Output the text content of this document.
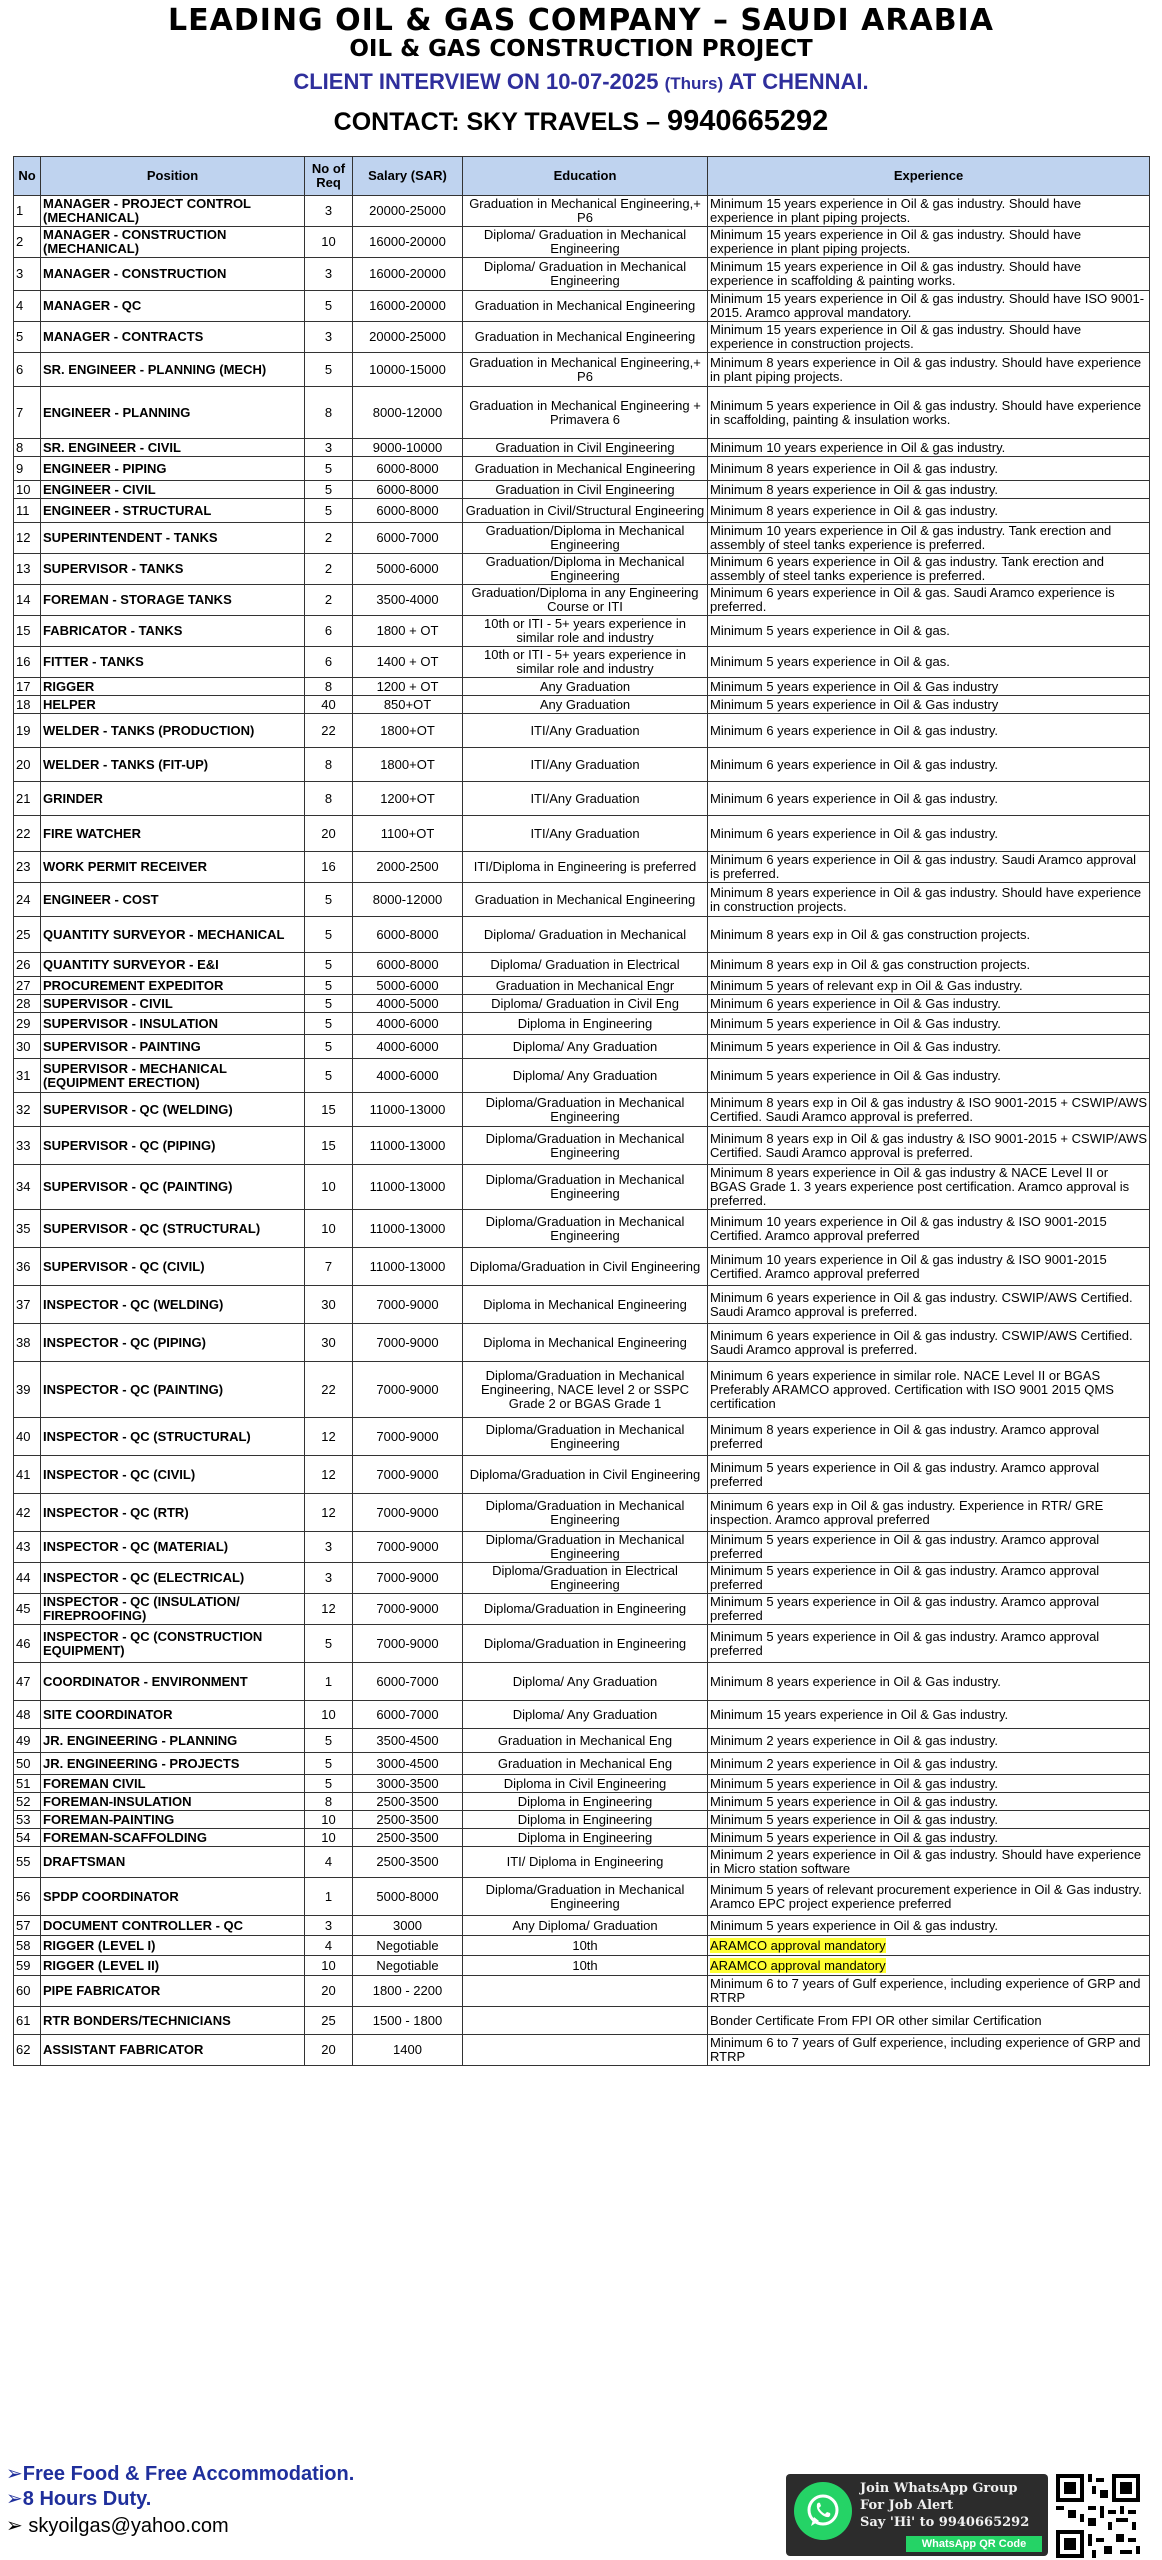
LEADING OIL & GAS COMPANY – SAUDI ARABIA
OIL & GAS CONSTRUCTION PROJECT
CLIENT INTERVIEW ON 10-07-2025 (Thurs) AT CHENNAI.
CONTACT: SKY TRAVELS – 9940665292
No	Position	No of Req	Salary (SAR)	Education	Experience
1	MANAGER - PROJECT CONTROL (MECHANICAL)	3	20000-25000	Graduation in Mechanical Engineering,+ P6	Minimum 15 years experience in Oil & gas industry. Should have experience in plant piping projects.
2	MANAGER - CONSTRUCTION (MECHANICAL)	10	16000-20000	Diploma/ Graduation in Mechanical Engineering	Minimum 15 years experience in Oil & gas industry. Should have experience in plant piping projects.
3	MANAGER - CONSTRUCTION	3	16000-20000	Diploma/ Graduation in Mechanical Engineering	Minimum 15 years experience in Oil & gas industry. Should have experience in scaffolding & painting works.
4	MANAGER - QC	5	16000-20000	Graduation in Mechanical Engineering	Minimum 15 years experience in Oil & gas industry. Should have ISO 9001-2015. Aramco approval mandatory.
5	MANAGER - CONTRACTS	3	20000-25000	Graduation in Mechanical Engineering	Minimum 15 years experience in Oil & gas industry. Should have experience in construction projects.
6	SR. ENGINEER - PLANNING (MECH)	5	10000-15000	Graduation in Mechanical Engineering,+ P6	Minimum 8 years experience in Oil & gas industry. Should have experience in plant piping projects.
7	ENGINEER - PLANNING	8	8000-12000	Graduation in Mechanical Engineering + Primavera 6	Minimum 5 years experience in Oil & gas industry. Should have experience in scaffolding, painting & insulation works.
8	SR. ENGINEER - CIVIL	3	9000-10000	Graduation in Civil Engineering	Minimum 10 years experience in Oil & gas industry.
9	ENGINEER - PIPING	5	6000-8000	Graduation in Mechanical Engineering	Minimum 8 years experience in Oil & gas industry.
10	ENGINEER - CIVIL	5	6000-8000	Graduation in Civil Engineering	Minimum 8 years experience in Oil & gas industry.
11	ENGINEER - STRUCTURAL	5	6000-8000	Graduation in Civil/Structural Engineering	Minimum 8 years experience in Oil & gas industry.
12	SUPERINTENDENT - TANKS	2	6000-7000	Graduation/Diploma in Mechanical Engineering	Minimum 10 years experience in Oil & gas industry. Tank erection and assembly of steel tanks experience is preferred.
13	SUPERVISOR - TANKS	2	5000-6000	Graduation/Diploma in Mechanical Engineering	Minimum 6 years experience in Oil & gas industry. Tank erection and assembly of steel tanks experience is preferred.
14	FOREMAN - STORAGE TANKS	2	3500-4000	Graduation/Diploma in any Engineering Course or ITI	Minimum 6 years experience in Oil & gas. Saudi Aramco experience is preferred.
15	FABRICATOR - TANKS	6	1800 + OT	10th or ITI - 5+ years experience in similar role and industry	Minimum 5 years experience in Oil & gas.
16	FITTER - TANKS	6	1400 + OT	10th or ITI - 5+ years experience in similar role and industry	Minimum 5 years experience in Oil & gas.
17	RIGGER	8	1200 + OT	Any Graduation	Minimum 5 years experience in Oil & Gas industry
18	HELPER	40	850+OT	Any Graduation	Minimum 5 years experience in Oil & Gas industry
19	WELDER - TANKS (PRODUCTION)	22	1800+OT	ITI/Any Graduation	Minimum 6 years experience in Oil & gas industry.
20	WELDER - TANKS (FIT-UP)	8	1800+OT	ITI/Any Graduation	Minimum 6 years experience in Oil & gas industry.
21	GRINDER	8	1200+OT	ITI/Any Graduation	Minimum 6 years experience in Oil & gas industry.
22	FIRE WATCHER	20	1100+OT	ITI/Any Graduation	Minimum 6 years experience in Oil & gas industry.
23	WORK PERMIT RECEIVER	16	2000-2500	ITI/Diploma in Engineering is preferred	Minimum 6 years experience in Oil & gas industry. Saudi Aramco approval is preferred.
24	ENGINEER - COST	5	8000-12000	Graduation in Mechanical Engineering	Minimum 8 years experience in Oil & gas industry. Should have experience in construction projects.
25	QUANTITY SURVEYOR - MECHANICAL	5	6000-8000	Diploma/ Graduation in Mechanical	Minimum 8 years exp in Oil & gas construction projects.
26	QUANTITY SURVEYOR - E&I	5	6000-8000	Diploma/ Graduation in Electrical	Minimum 8 years exp in Oil & gas construction projects.
27	PROCUREMENT EXPEDITOR	5	5000-6000	Graduation in Mechanical Engr	Minimum 5 years of relevant exp in Oil & Gas industry.
28	SUPERVISOR - CIVIL	5	4000-5000	Diploma/ Graduation in Civil Eng	Minimum 6 years experience in Oil & Gas industry.
29	SUPERVISOR - INSULATION	5	4000-6000	Diploma in Engineering	Minimum 5 years experience in Oil & Gas industry.
30	SUPERVISOR - PAINTING	5	4000-6000	Diploma/ Any Graduation	Minimum 5 years experience in Oil & Gas industry.
31	SUPERVISOR - MECHANICAL (EQUIPMENT ERECTION)	5	4000-6000	Diploma/ Any Graduation	Minimum 5 years experience in Oil & Gas industry.
32	SUPERVISOR - QC (WELDING)	15	11000-13000	Diploma/Graduation in Mechanical Engineering	Minimum 8 years exp in Oil & gas industry & ISO 9001-2015 + CSWIP/AWS Certified. Saudi Aramco approval is preferred.
33	SUPERVISOR - QC (PIPING)	15	11000-13000	Diploma/Graduation in Mechanical Engineering	Minimum 8 years exp in Oil & gas industry & ISO 9001-2015 + CSWIP/AWS Certified. Saudi Aramco approval is preferred.
34	SUPERVISOR - QC (PAINTING)	10	11000-13000	Diploma/Graduation in Mechanical Engineering	Minimum 8 years experience in Oil & gas industry & NACE Level II or BGAS Grade 1. 3 years experience post certification. Aramco approval is preferred.
35	SUPERVISOR - QC (STRUCTURAL)	10	11000-13000	Diploma/Graduation in Mechanical Engineering	Minimum 10 years experience in Oil & gas industry & ISO 9001-2015 Certified. Aramco approval preferred
36	SUPERVISOR - QC (CIVIL)	7	11000-13000	Diploma/Graduation in Civil Engineering	Minimum 10 years experience in Oil & gas industry & ISO 9001-2015 Certified. Aramco approval preferred
37	INSPECTOR - QC (WELDING)	30	7000-9000	Diploma in Mechanical Engineering	Minimum 6 years experience in Oil & gas industry. CSWIP/AWS Certified. Saudi Aramco approval is preferred.
38	INSPECTOR - QC (PIPING)	30	7000-9000	Diploma in Mechanical Engineering	Minimum 6 years experience in Oil & gas industry. CSWIP/AWS Certified. Saudi Aramco approval is preferred.
39	INSPECTOR - QC (PAINTING)	22	7000-9000	Diploma/Graduation in Mechanical Engineering, NACE level 2 or SSPC Grade 2 or BGAS Grade 1	Minimum 6 years experience in similar role. NACE Level II or BGAS Preferably ARAMCO approved. Certification with ISO 9001 2015 QMS certification
40	INSPECTOR - QC (STRUCTURAL)	12	7000-9000	Diploma/Graduation in Mechanical Engineering	Minimum 8 years experience in Oil & gas industry. Aramco approval preferred
41	INSPECTOR - QC (CIVIL)	12	7000-9000	Diploma/Graduation in Civil Engineering	Minimum 5 years experience in Oil & gas industry. Aramco approval preferred
42	INSPECTOR - QC (RTR)	12	7000-9000	Diploma/Graduation in Mechanical Engineering	Minimum 6 years exp in Oil & gas industry. Experience in RTR/ GRE inspection. Aramco approval preferred
43	INSPECTOR - QC (MATERIAL)	3	7000-9000	Diploma/Graduation in Mechanical Engineering	Minimum 5 years experience in Oil & gas industry. Aramco approval preferred
44	INSPECTOR - QC (ELECTRICAL)	3	7000-9000	Diploma/Graduation in Electrical Engineering	Minimum 5 years experience in Oil & gas industry. Aramco approval preferred
45	INSPECTOR - QC (INSULATION/ FIREPROOFING)	12	7000-9000	Diploma/Graduation in Engineering	Minimum 5 years experience in Oil & gas industry. Aramco approval preferred
46	INSPECTOR - QC (CONSTRUCTION EQUIPMENT)	5	7000-9000	Diploma/Graduation in Engineering	Minimum 5 years experience in Oil & gas industry. Aramco approval preferred
47	COORDINATOR - ENVIRONMENT	1	6000-7000	Diploma/ Any Graduation	Minimum 8 years experience in Oil & Gas industry.
48	SITE COORDINATOR	10	6000-7000	Diploma/ Any Graduation	Minimum 15 years experience in Oil & Gas industry.
49	JR. ENGINEERING - PLANNING	5	3500-4500	Graduation in Mechanical Eng	Minimum 2 years experience in Oil & gas industry.
50	JR. ENGINEERING - PROJECTS	5	3000-4500	Graduation in Mechanical Eng	Minimum 2 years experience in Oil & gas industry.
51	FOREMAN CIVIL	5	3000-3500	Diploma in Civil Engineering	Minimum 5 years experience in Oil & gas industry.
52	FOREMAN-INSULATION	8	2500-3500	Diploma in Engineering	Minimum 5 years experience in Oil & gas industry.
53	FOREMAN-PAINTING	10	2500-3500	Diploma in Engineering	Minimum 5 years experience in Oil & gas industry.
54	FOREMAN-SCAFFOLDING	10	2500-3500	Diploma in Engineering	Minimum 5 years experience in Oil & gas industry.
55	DRAFTSMAN	4	2500-3500	ITI/ Diploma in Engineering	Minimum 2 years experience in Oil & gas industry. Should have experience in Micro station software
56	SPDP COORDINATOR	1	5000-8000	Diploma/Graduation in Mechanical Engineering	Minimum 5 years of relevant procurement experience in Oil & Gas industry. Aramco EPC project experience preferred
57	DOCUMENT CONTROLLER - QC	3	3000	Any Diploma/ Graduation	Minimum 5 years experience in Oil & gas industry.
58	RIGGER (LEVEL I)	4	Negotiable	10th	ARAMCO approval mandatory
59	RIGGER (LEVEL II)	10	Negotiable	10th	ARAMCO approval mandatory
60	PIPE FABRICATOR	20	1800 - 2200		Minimum 6 to 7 years of Gulf experience, including experience of GRP and RTRP
61	RTR BONDERS/TECHNICIANS	25	1500 - 1800		Bonder Certificate From FPI OR other similar Certification
62	ASSISTANT FABRICATOR	20	1400		Minimum 6 to 7 years of Gulf experience, including experience of GRP and RTRP
➢Free Food & Free Accommodation.
➢8 Hours Duty.
➢ skyoilgas@yahoo.com
Join WhatsApp Group
For Job Alert
Say 'Hi' to 9940665292
WhatsApp QR Code
